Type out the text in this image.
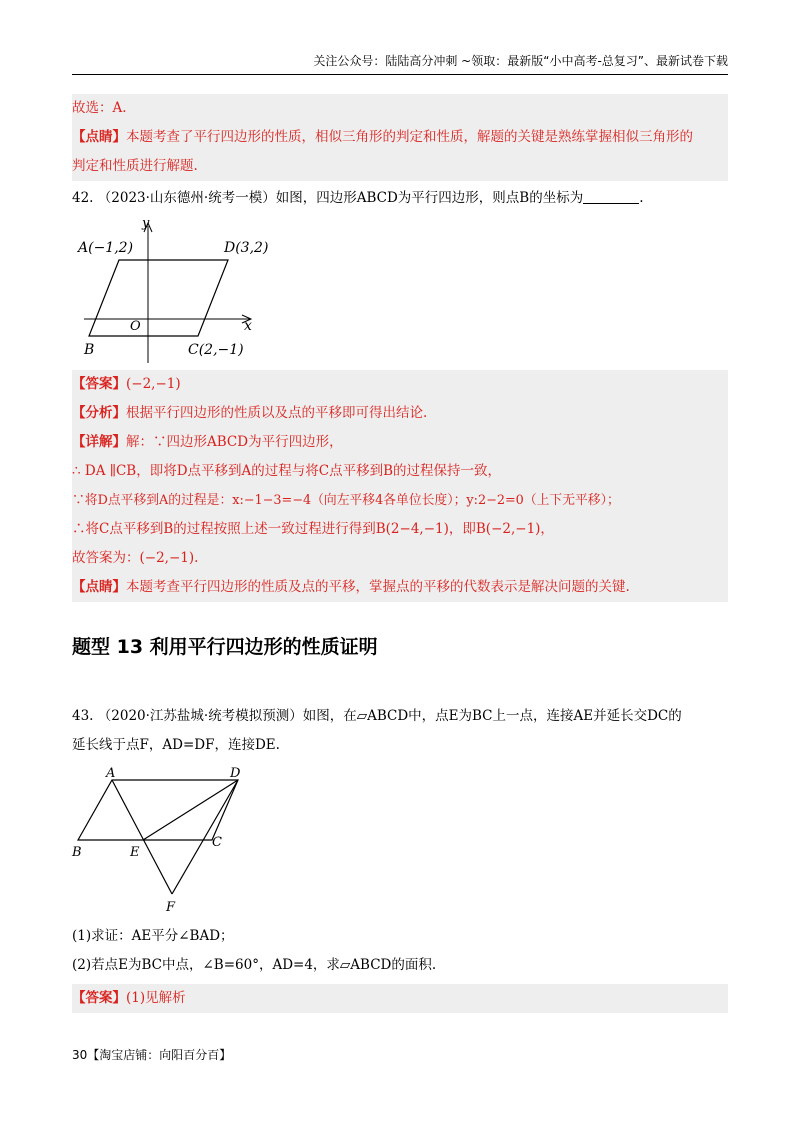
关注公众号：陆陆高分冲刺 ~领取：最新版“小中高考-总复习”、最新试卷下载
故选：A.
【点睛】本题考查了平行四边形的性质，相似三角形的判定和性质，解题的关键是熟练掌握相似三角形的
判定和性质进行解题.
42. （2023·山东德州·统考一模）如图，四边形ABCD为平行四边形，则点B的坐标为	.
y
x
O
A(−1,2)	D(3,2)
B	C(2,−1)
【答案】(−2,−1)
【分析】根据平行四边形的性质以及点的平移即可得出结论.
【详解】解：∵四边形ABCD为平行四边形，
∴ DA ∥CB，即将D点平移到A的过程与将C点平移到B的过程保持一致，
∵将D点平移到A的过程是：x:−1−3=−4（向左平移4各单位长度）；y:2−2=0（上下无平移）；
∴将C点平移到B的过程按照上述一致过程进行得到B(2−4,−1)，即B(−2,−1)，
故答案为：(−2,−1).
【点睛】本题考查平行四边形的性质及点的平移，掌握点的平移的代数表示是解决问题的关键.
题型 13 利用平行四边形的性质证明
43. （2020·江苏盐城·统考模拟预测）如图，在▱ABCD中，点E为BC上一点，连接AE并延长交DC的
延长线于点F，AD=DF，连接DE.
A	D
B	E
C
F
(1)求证：AE平分∠BAD；
(2)若点E为BC中点，∠B=60°，AD=4，求▱ABCD的面积.
【答案】(1)见解析
30【淘宝店铺：向阳百分百】
